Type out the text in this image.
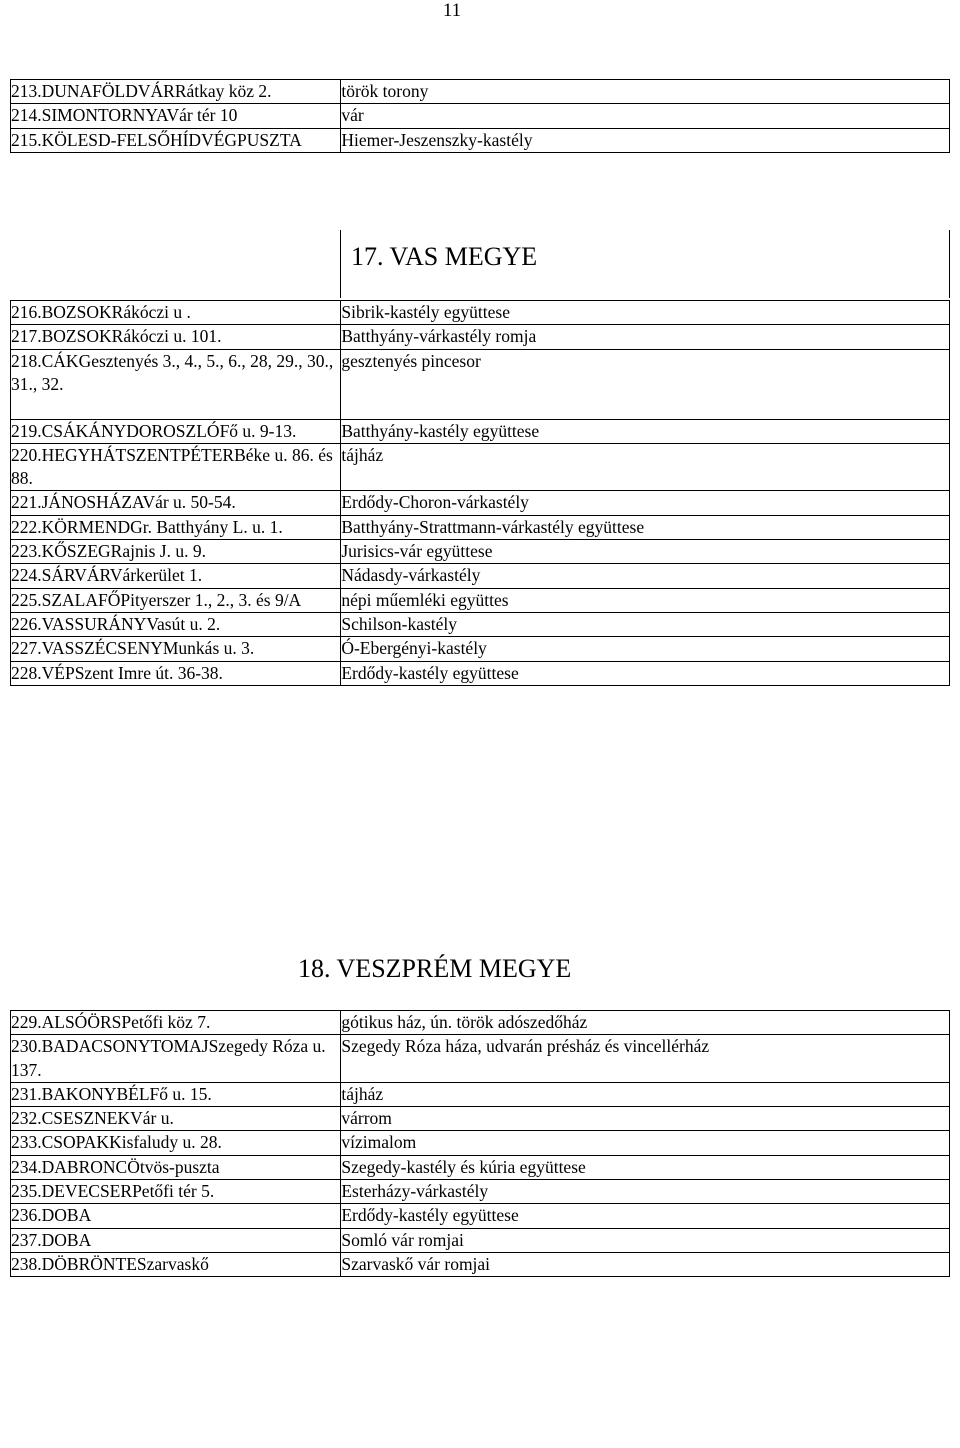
11
213.DUNAFÖLDVÁRRátkay köz 2.	török torony

214.SIMONTORNYAVár tér 10	vár

215.KÖLESD-FELSŐHÍDVÉGPUSZTA	Hiemer-Jeszenszky-kastély

17. VAS MEGYE
216.BOZSOKRákóczi u .	Sibrik-kastély együttese

217.BOZSOKRákóczi u. 101.	Batthyány-várkastély romja

218.CÁKGesztenyés 3., 4., 5., 6., 28, 29., 30., 31., 32.	gesztenyés pincesor

219.CSÁKÁNYDOROSZLÓFő u. 9-13.	Batthyány-kastély együttese

220.HEGYHÁTSZENTPÉTERBéke u. 86. és 88.	tájház

221.JÁNOSHÁZAVár u. 50-54.	Erdődy-Choron-várkastély

222.KÖRMENDGr. Batthyány L. u. 1.	Batthyány-Strattmann-várkastély együttese

223.KŐSZEGRajnis J. u. 9.	Jurisics-vár együttese

224.SÁRVÁRVárkerület 1.	Nádasdy-várkastély

225.SZALAFŐPityerszer 1., 2., 3. és 9/A	népi műemléki együttes

226.VASSURÁNYVasút u. 2.	Schilson-kastély

227.VASSZÉCSENYMunkás u. 3.	Ó-Ebergényi-kastély

228.VÉPSzent Imre út. 36-38.	Erdődy-kastély együttese
18. VESZPRÉM MEGYE
229.ALSÓÖRSPetőfi köz 7.	gótikus ház, ún. török adószedőház

230.BADACSONYTOMAJSzegedy Róza u. 137.	Szegedy Róza háza, udvarán présház és vincellérház

231.BAKONYBÉLFő u. 15.	tájház

232.CSESZNEKVár u.	várrom

233.CSOPAKKisfaludy u. 28.	vízimalom

234.DABRONCÖtvös-puszta	Szegedy-kastély és kúria együttese

235.DEVECSERPetőfi tér 5.	Esterházy-várkastély

236.DOBA	Erdődy-kastély együttese

237.DOBA	Somló vár romjai

238.DÖBRÖNTESzarvaskő	Szarvaskő vár romjai
